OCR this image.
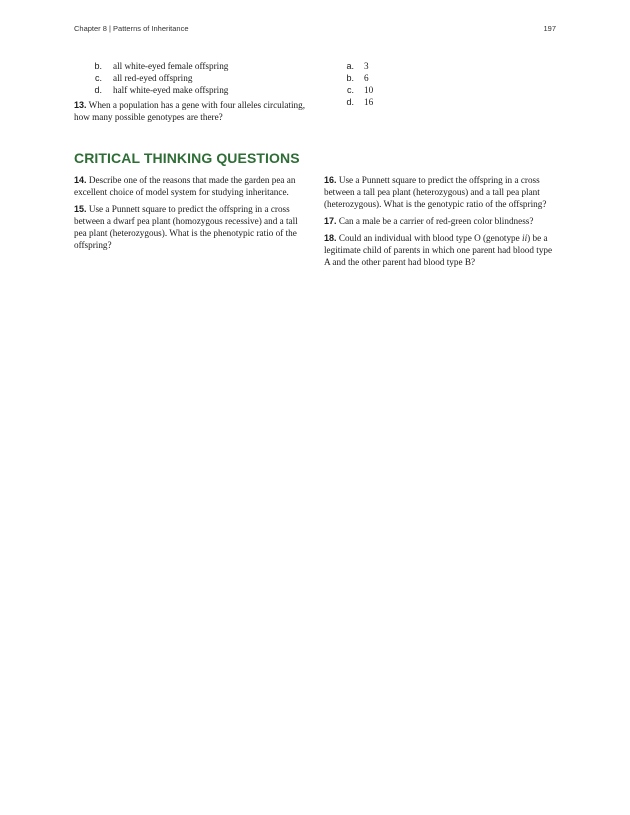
Chapter 8 | Patterns of Inheritance	197
b. all white-eyed female offspring
c. all red-eyed offspring
d. half white-eyed make offspring

13. When a population has a gene with four alleles circulating, how many possible genotypes are there?

a. 3
b. 6
c. 10
d. 16
CRITICAL THINKING QUESTIONS

14. Describe one of the reasons that made the garden pea an excellent choice of model system for studying inheritance.

15. Use a Punnett square to predict the offspring in a cross between a dwarf pea plant (homozygous recessive) and a tall pea plant (heterozygous). What is the phenotypic ratio of the offspring?

16. Use a Punnett square to predict the offspring in a cross between a tall pea plant (heterozygous) and a tall pea plant (heterozygous). What is the genotypic ratio of the offspring?

17. Can a male be a carrier of red-green color blindness?

18. Could an individual with blood type O (genotype ii) be a legitimate child of parents in which one parent had blood type A and the other parent had blood type B?
